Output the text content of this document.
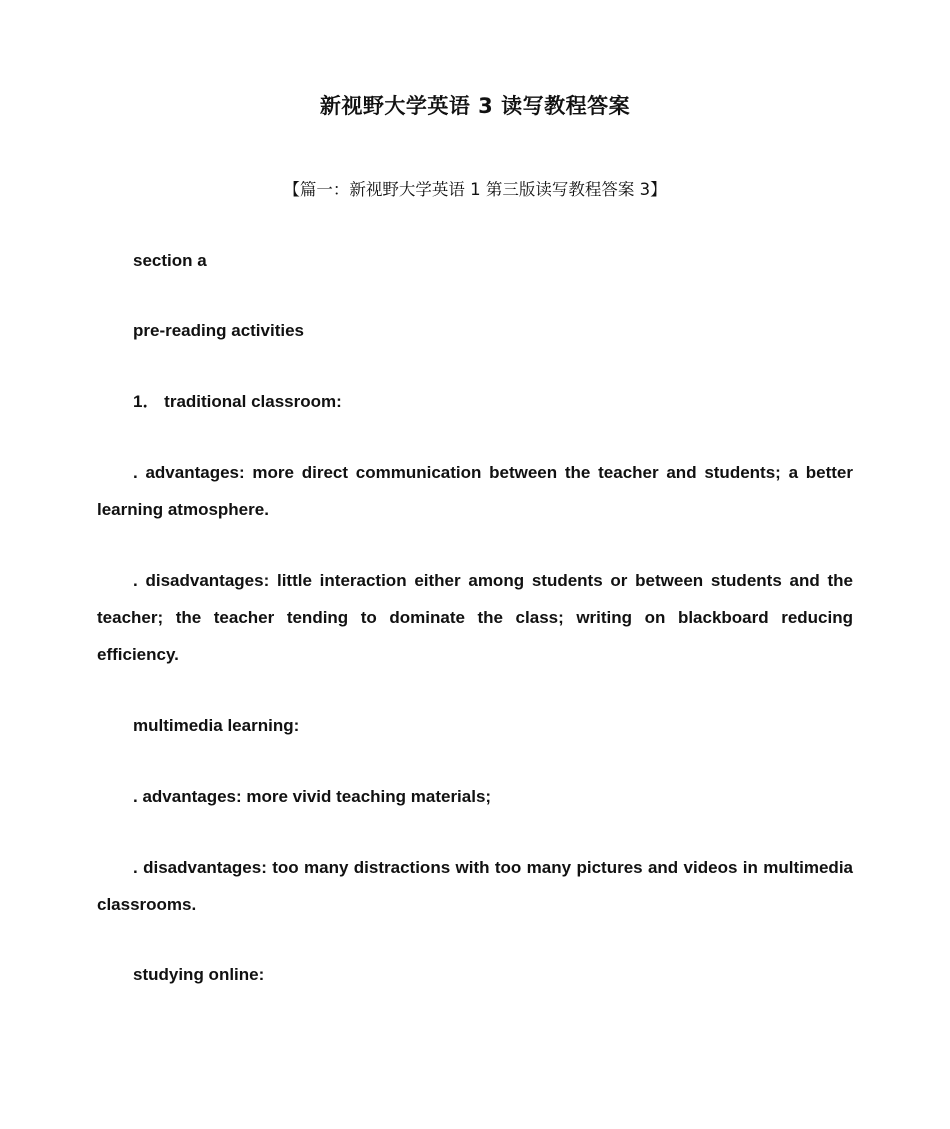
新视野大学英语 3 读写教程答案
【篇一：新视野大学英语 1 第三版读写教程答案 3】

section a

pre-reading activities

1． traditional classroom:

. advantages: more direct communication between the teacher and students; a better learning atmosphere.

. disadvantages: little interaction either among students or between students and the teacher; the teacher tending to dominate the class; writing on blackboard reducing efficiency.

multimedia learning:

. advantages: more vivid teaching materials;

. disadvantages: too many distractions with too many pictures and videos in multimedia classrooms.

studying online:
